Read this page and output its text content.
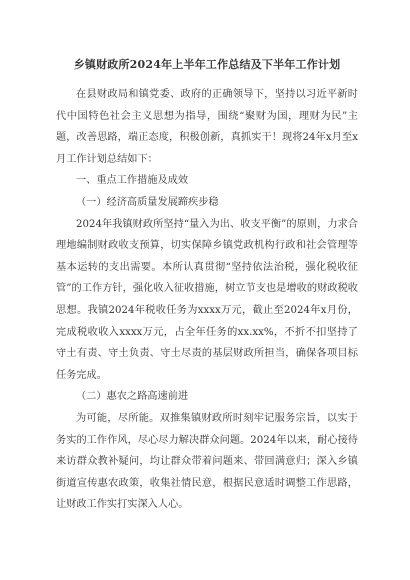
乡镇财政所2024年上半年工作总结及下半年工作计划

在县财政局和镇党委、政府的正确领导下，坚持以习近平新时代中国特色社会主义思想为指导，围绕“聚财为国，理财为民”主题，改善思路，端正态度，积极创新，真抓实干！现将24年x月至x月工作计划总结如下：

一、重点工作措施及成效

（一）经济高质量发展蹄疾步稳

2024年我镇财政所坚持“量入为出、收支平衡”的原则，力求合理地编制财政收支预算，切实保障乡镇党政机构行政和社会管理等基本运转的支出需要。本所认真贯彻“坚持依法治税，强化税收征管”的工作方针，强化收入征收措施，树立节支也是增收的财政税收思想。我镇2024年税收任务为xxxx万元，截止至2024年x月份，完成税收收入xxxx万元，占全年任务的xx.xx%，不折不扣坚持了守土有责、守土负责、守土尽责的基层财政所担当，确保各项目标任务完成。

（二）惠农之路高速前进

为可能，尽所能。双推集镇财政所时刻牢记服务宗旨，以实于务实的工作作风，尽心尽力解决群众问题。2024年以来，耐心接待来访群众教补疑问，均让群众带着问题来、带回满意归；深入乡镇街道宣传惠农政策，收集社情民意，根据民意适时调整工作思路，让财政工作实打实深入人心。
